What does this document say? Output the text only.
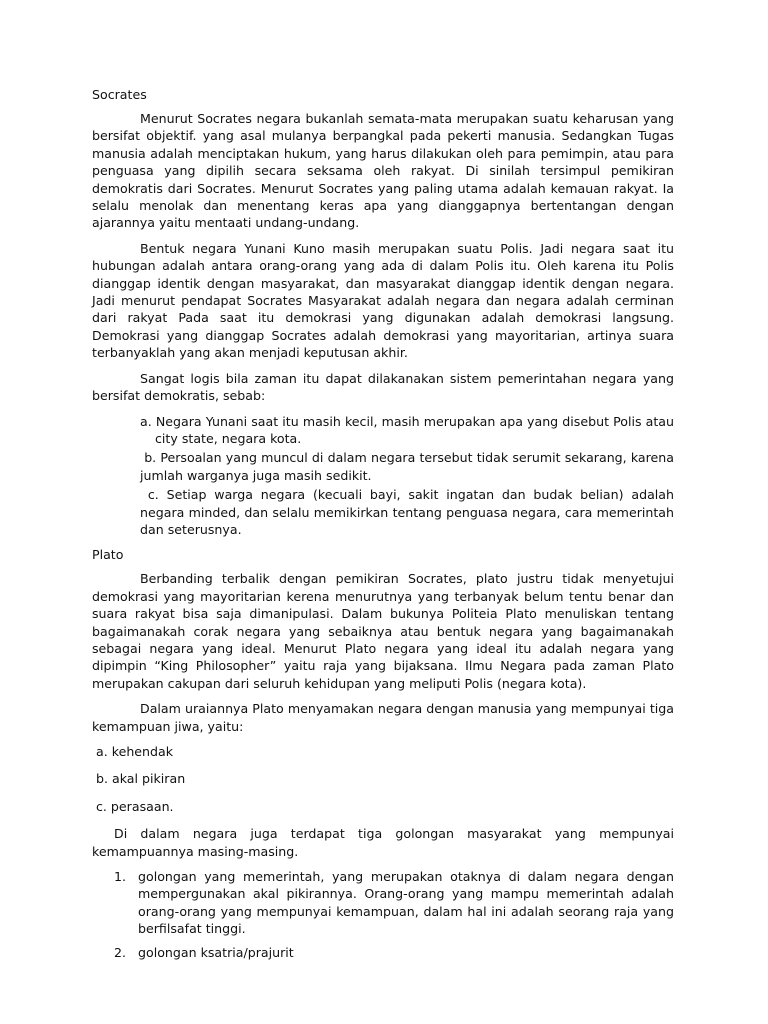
Socrates

Menurut Socrates negara bukanlah semata-mata merupakan suatu keharusan yang bersifat objektif. yang asal mulanya berpangkal pada pekerti manusia. Sedangkan Tugas manusia adalah menciptakan hukum, yang harus dilakukan oleh para pemimpin, atau para penguasa yang dipilih secara seksama oleh rakyat. Di sinilah tersimpul pemikiran demokratis dari Socrates. Menurut Socrates yang paling utama adalah kemauan rakyat. Ia selalu menolak dan menentang keras apa yang dianggapnya bertentangan dengan ajarannya yaitu mentaati undang-undang.

Bentuk negara Yunani Kuno masih merupakan suatu Polis. Jadi negara saat itu hubungan adalah antara orang-orang yang ada di dalam Polis itu. Oleh karena itu Polis dianggap identik dengan masyarakat, dan masyarakat dianggap identik dengan negara. Jadi menurut pendapat Socrates Masyarakat adalah negara dan negara adalah cerminan dari rakyat Pada saat itu demokrasi yang digunakan adalah demokrasi langsung. Demokrasi yang dianggap Socrates adalah demokrasi yang mayoritarian, artinya suara terbanyaklah yang akan menjadi keputusan akhir.

Sangat logis bila zaman itu dapat dilakanakan sistem pemerintahan negara yang bersifat demokratis, sebab:

a. Negara Yunani saat itu masih kecil, masih merupakan apa yang disebut Polis atau city state, negara kota.
b. Persoalan yang muncul di dalam negara tersebut tidak serumit sekarang, karena jumlah warganya juga masih sedikit.
c. Setiap warga negara (kecuali bayi, sakit ingatan dan budak belian) adalah negara minded, dan selalu memikirkan tentang penguasa negara, cara memerintah dan seterusnya.
Plato

Berbanding terbalik dengan pemikiran Socrates, plato justru tidak menyetujui demokrasi yang mayoritarian kerena menurutnya yang terbanyak belum tentu benar dan suara rakyat bisa saja dimanipulasi. Dalam bukunya Politeia Plato menuliskan tentang bagaimanakah corak negara yang sebaiknya atau bentuk negara yang bagaimanakah sebagai negara yang ideal. Menurut Plato negara yang ideal itu adalah negara yang dipimpin “King Philosopher” yaitu raja yang bijaksana. Ilmu Negara pada zaman Plato merupakan cakupan dari seluruh kehidupan yang meliputi Polis (negara kota).

Dalam uraiannya Plato menyamakan negara dengan manusia yang mempunyai tiga kemampuan jiwa, yaitu:

a. kehendak
b. akal pikiran
c. perasaan.

Di dalam negara juga terdapat tiga golongan masyarakat yang mempunyai kemampuannya masing-masing.

1. golongan yang memerintah, yang merupakan otaknya di dalam negara dengan mempergunakan akal pikirannya. Orang-orang yang mampu memerintah adalah orang-orang yang mempunyai kemampuan, dalam hal ini adalah seorang raja yang berfilsafat tinggi.
2. golongan ksatria/prajurit
